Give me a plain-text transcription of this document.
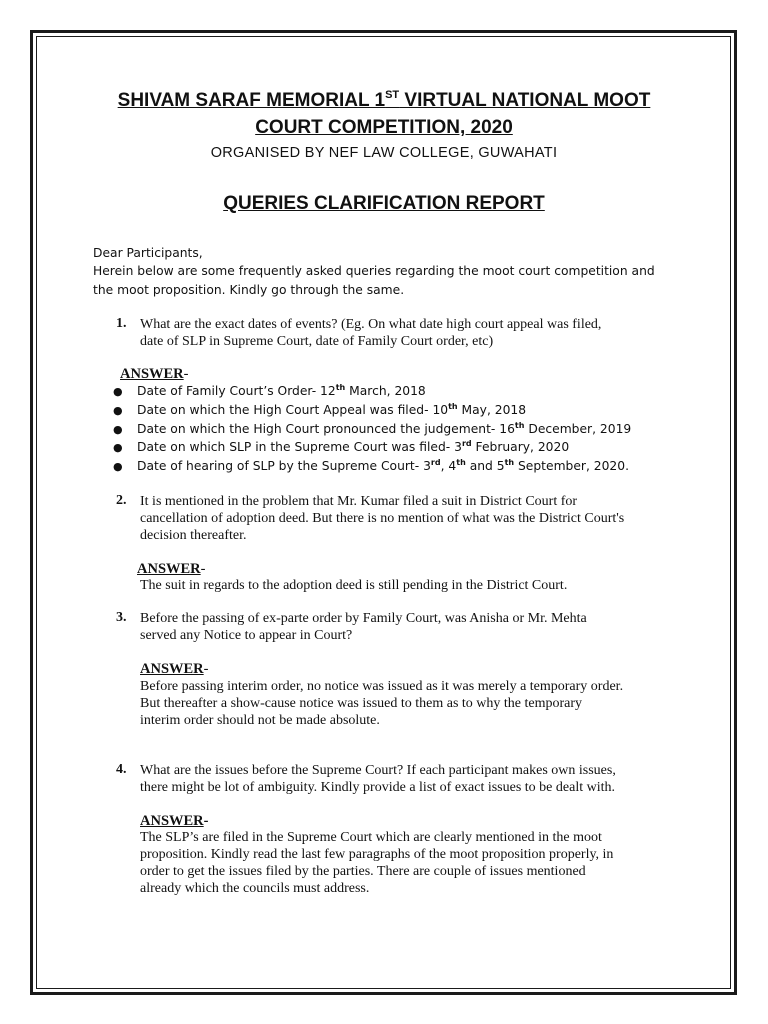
SHIVAM SARAF MEMORIAL 1ST VIRTUAL NATIONAL MOOT
COURT COMPETITION, 2020
ORGANISED BY NEF LAW COLLEGE, GUWAHATI
QUERIES CLARIFICATION REPORT
Dear Participants,
Herein below are some frequently asked queries regarding the moot court competition and
the moot proposition. Kindly go through the same.
1. What are the exact dates of events? (Eg. On what date high court appeal was filed,
date of SLP in Supreme Court, date of Family Court order, etc)
ANSWER-
● Date of Family Court’s Order- 12th March, 2018
● Date on which the High Court Appeal was filed- 10th May, 2018
● Date on which the High Court pronounced the judgement- 16th December, 2019
● Date on which SLP in the Supreme Court was filed- 3rd February, 2020
● Date of hearing of SLP by the Supreme Court- 3rd, 4th and 5th September, 2020.
2. It is mentioned in the problem that Mr. Kumar filed a suit in District Court for
cancellation of adoption deed. But there is no mention of what was the District Court's
decision thereafter.
ANSWER-
The suit in regards to the adoption deed is still pending in the District Court.
3. Before the passing of ex-parte order by Family Court, was Anisha or Mr. Mehta
served any Notice to appear in Court?
ANSWER-
Before passing interim order, no notice was issued as it was merely a temporary order.
But thereafter a show-cause notice was issued to them as to why the temporary
interim order should not be made absolute.
4. What are the issues before the Supreme Court? If each participant makes own issues,
there might be lot of ambiguity. Kindly provide a list of exact issues to be dealt with.
ANSWER-
The SLP’s are filed in the Supreme Court which are clearly mentioned in the moot
proposition. Kindly read the last few paragraphs of the moot proposition properly, in
order to get the issues filed by the parties. There are couple of issues mentioned
already which the councils must address.
